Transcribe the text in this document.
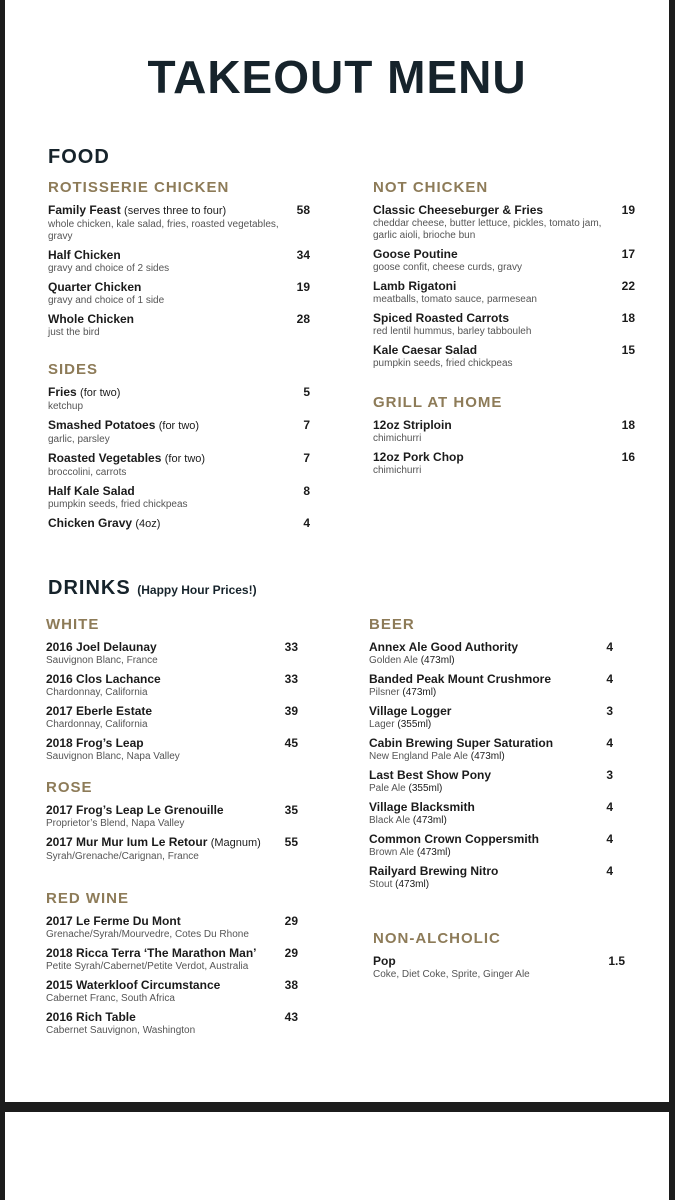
TAKEOUT MENU
FOOD
ROTISSERIE CHICKEN
Family Feast (serves three to four)	58
whole chicken, kale salad, fries, roasted vegetables, gravy
Half Chicken	34
gravy and choice of 2 sides
Quarter Chicken	19
gravy and choice of 1 side
Whole Chicken	28
just the bird
SIDES
Fries (for two)	5
ketchup
Smashed Potatoes (for two)	7
garlic, parsley
Roasted Vegetables (for two)	7
broccolini, carrots
Half Kale Salad	8
pumpkin seeds, fried chickpeas
Chicken Gravy (4oz)	4
NOT CHICKEN
Classic Cheeseburger & Fries	19
cheddar cheese, butter lettuce, pickles, tomato jam, garlic aioli, brioche bun
Goose Poutine	17
goose confit, cheese curds, gravy
Lamb Rigatoni	22
meatballs, tomato sauce, parmesean
Spiced Roasted Carrots	18
red lentil hummus, barley tabbouleh
Kale Caesar Salad	15
pumpkin seeds, fried chickpeas
GRILL AT HOME
12oz Striploin	18
chimichurri
12oz Pork Chop	16
chimichurri
DRINKS (Happy Hour Prices!)
WHITE
2016 Joel Delaunay	33
Sauvignon Blanc, France
2016 Clos Lachance	33
Chardonnay, California
2017 Eberle Estate	39
Chardonnay, California
2018 Frog’s Leap	45
Sauvignon Blanc, Napa Valley
ROSE
2017 Frog’s Leap Le Grenouille	35
Proprietor’s Blend, Napa Valley
2017 Mur Mur Ium Le Retour (Magnum)	55
Syrah/Grenache/Carignan, France
RED WINE
2017 Le Ferme Du Mont	29
Grenache/Syrah/Mourvedre, Cotes Du Rhone
2018 Ricca Terra ‘The Marathon Man’	29
Petite Syrah/Cabernet/Petite Verdot, Australia
2015 Waterkloof Circumstance	38
Cabernet Franc, South Africa
2016 Rich Table	43
Cabernet Sauvignon, Washington
BEER
Annex Ale Good Authority	4
Golden Ale (473ml)
Banded Peak Mount Crushmore	4
Pilsner (473ml)
Village Logger	3
Lager (355ml)
Cabin Brewing Super Saturation	4
New England Pale Ale (473ml)
Last Best Show Pony	3
Pale Ale (355ml)
Village Blacksmith	4
Black Ale (473ml)
Common Crown Coppersmith	4
Brown Ale (473ml)
Railyard Brewing Nitro	4
Stout (473ml)
NON-ALCHOLIC
Pop	1.5
Coke, Diet Coke, Sprite, Ginger Ale
